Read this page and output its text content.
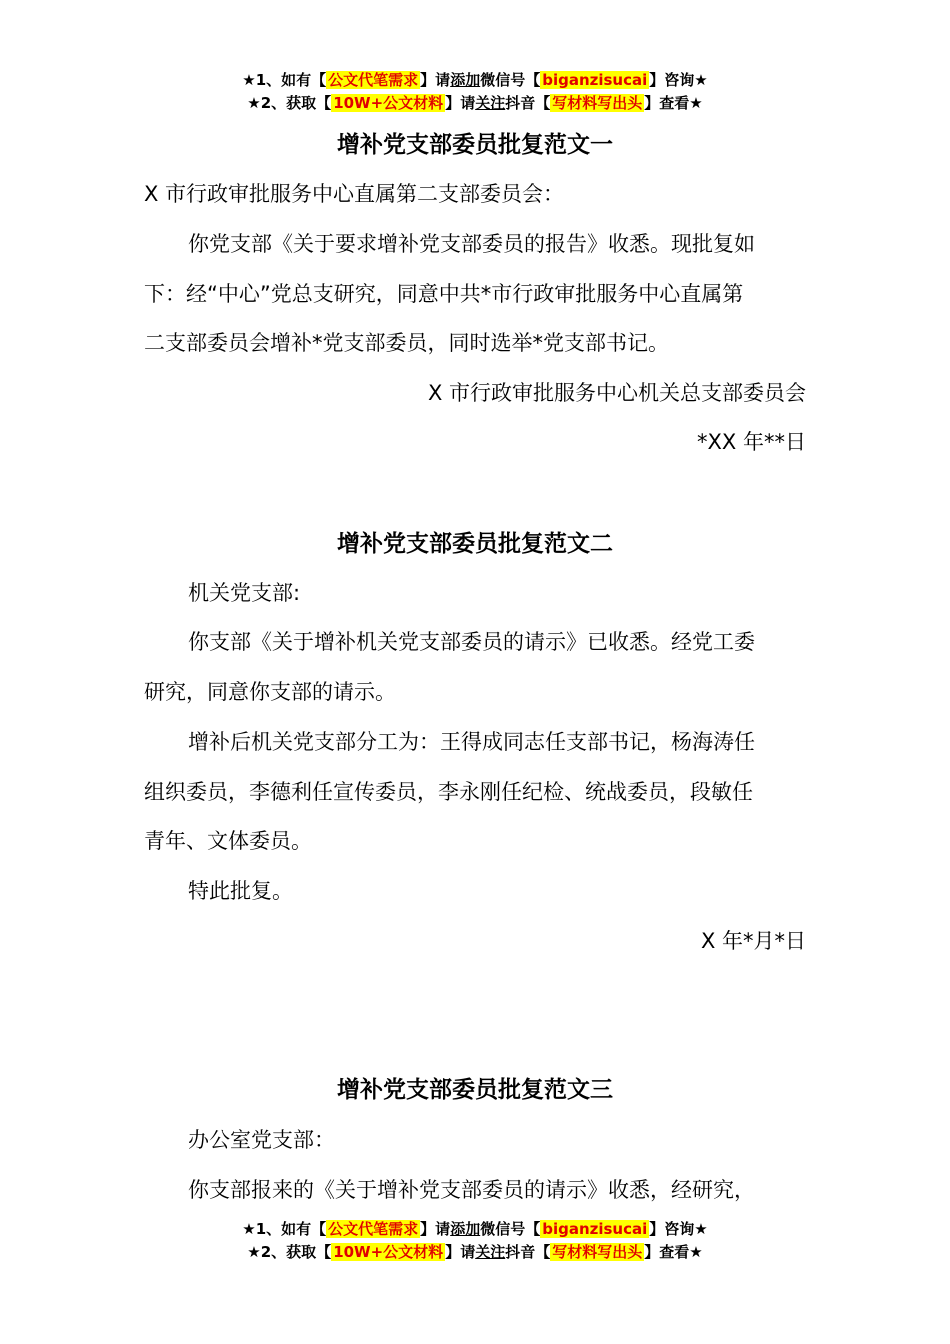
★1、如有【 公文代笔需求 】请添加微信号【 biganzisucai 】咨询★
★2、获取【 10W+公文材料 】请关注抖音【 写材料写出头 】查看★
增补党支部委员批复范文一
X 市行政审批服务中心直属第二支部委员会：
你党支部《关于要求增补党支部委员的报告》收悉。现批复如
下：经“中心”党总支研究，同意中共*市行政审批服务中心直属第
二支部委员会增补*党支部委员，同时选举*党支部书记。
X 市行政审批服务中心机关总支部委员会
*XX 年**日
增补党支部委员批复范文二
机关党支部:
你支部《关于增补机关党支部委员的请示》已收悉。经党工委
研究，同意你支部的请示。
增补后机关党支部分工为：王得成同志任支部书记，杨海涛任
组织委员，李德利任宣传委员，李永刚任纪检、统战委员，段敏任
青年、文体委员。
特此批复。
X 年*月*日
增补党支部委员批复范文三
办公室党支部：
你支部报来的《关于增补党支部委员的请示》收悉，经研究，
★1、如有【 公文代笔需求 】请添加微信号【 biganzisucai 】咨询★
★2、获取【 10W+公文材料 】请关注抖音【 写材料写出头 】查看★
